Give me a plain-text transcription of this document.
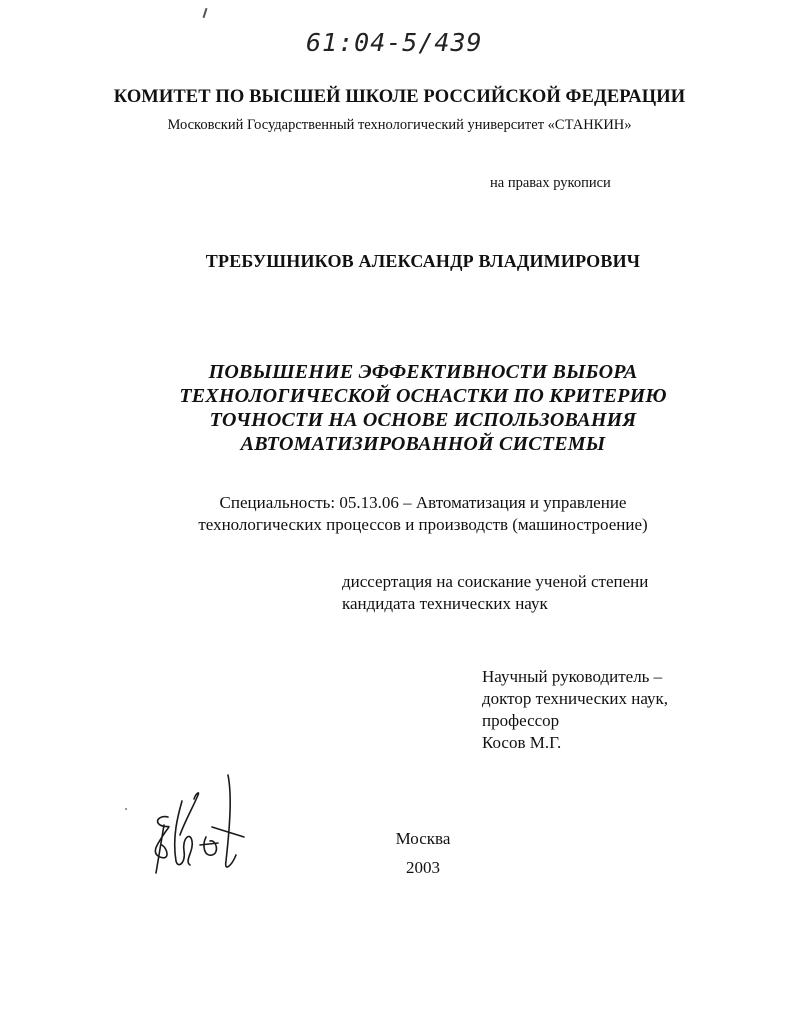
61:04-5/439
КОМИТЕТ ПО ВЫСШЕЙ ШКОЛЕ РОССИЙСКОЙ ФЕДЕРАЦИИ
Московский Государственный технологический университет «СТАНКИН»
на правах рукописи
ТРЕБУШНИКОВ АЛЕКСАНДР ВЛАДИМИРОВИЧ
ПОВЫШЕНИЕ ЭФФЕКТИВНОСТИ ВЫБОРА
ТЕХНОЛОГИЧЕСКОЙ ОСНАСТКИ ПО КРИТЕРИЮ
ТОЧНОСТИ НА ОСНОВЕ ИСПОЛЬЗОВАНИЯ
АВТОМАТИЗИРОВАННОЙ СИСТЕМЫ
Специальность: 05.13.06 – Автоматизация и управление
технологических процессов и производств (машиностроение)
диссертация на соискание ученой степени
кандидата технических наук
Научный руководитель –
доктор технических наук,
профессор
Косов М.Г.
Москва
2003
